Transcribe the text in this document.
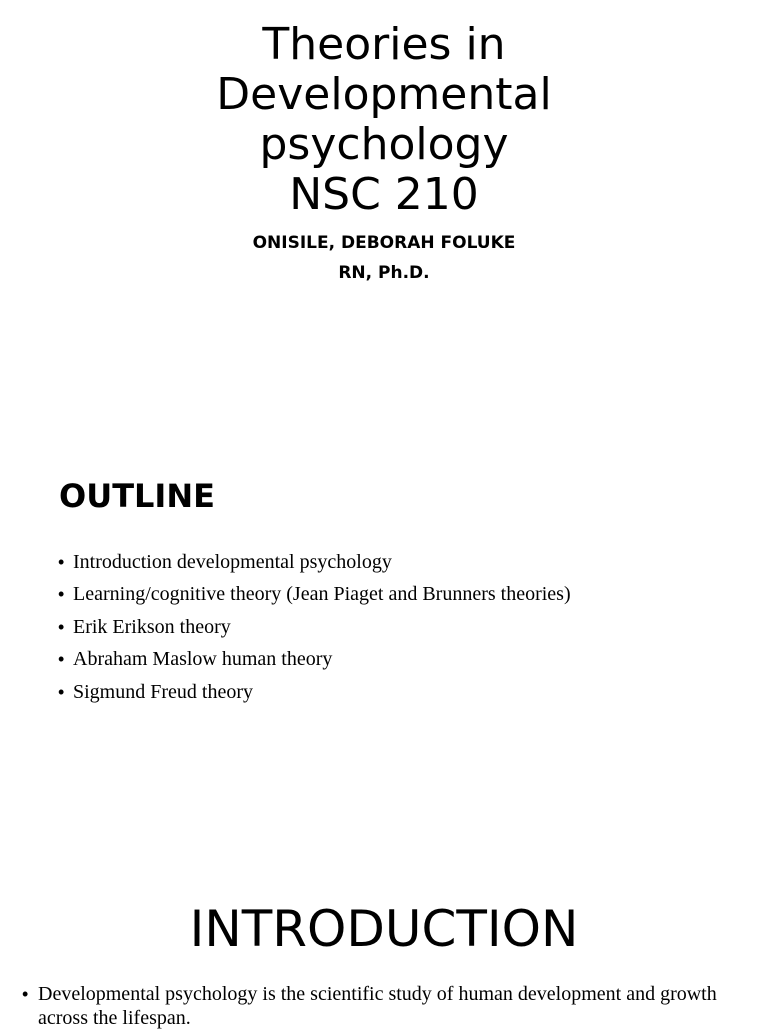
Theories in
Developmental
psychology
NSC 210
ONISILE, DEBORAH FOLUKE
RN, Ph.D.
OUTLINE
• Introduction developmental psychology
• Learning/cognitive theory (Jean Piaget and Brunners theories)
• Erik Erikson theory
• Abraham Maslow human theory
• Sigmund Freud theory
INTRODUCTION
• Developmental psychology is the scientific study of human development and growth across the lifespan.
